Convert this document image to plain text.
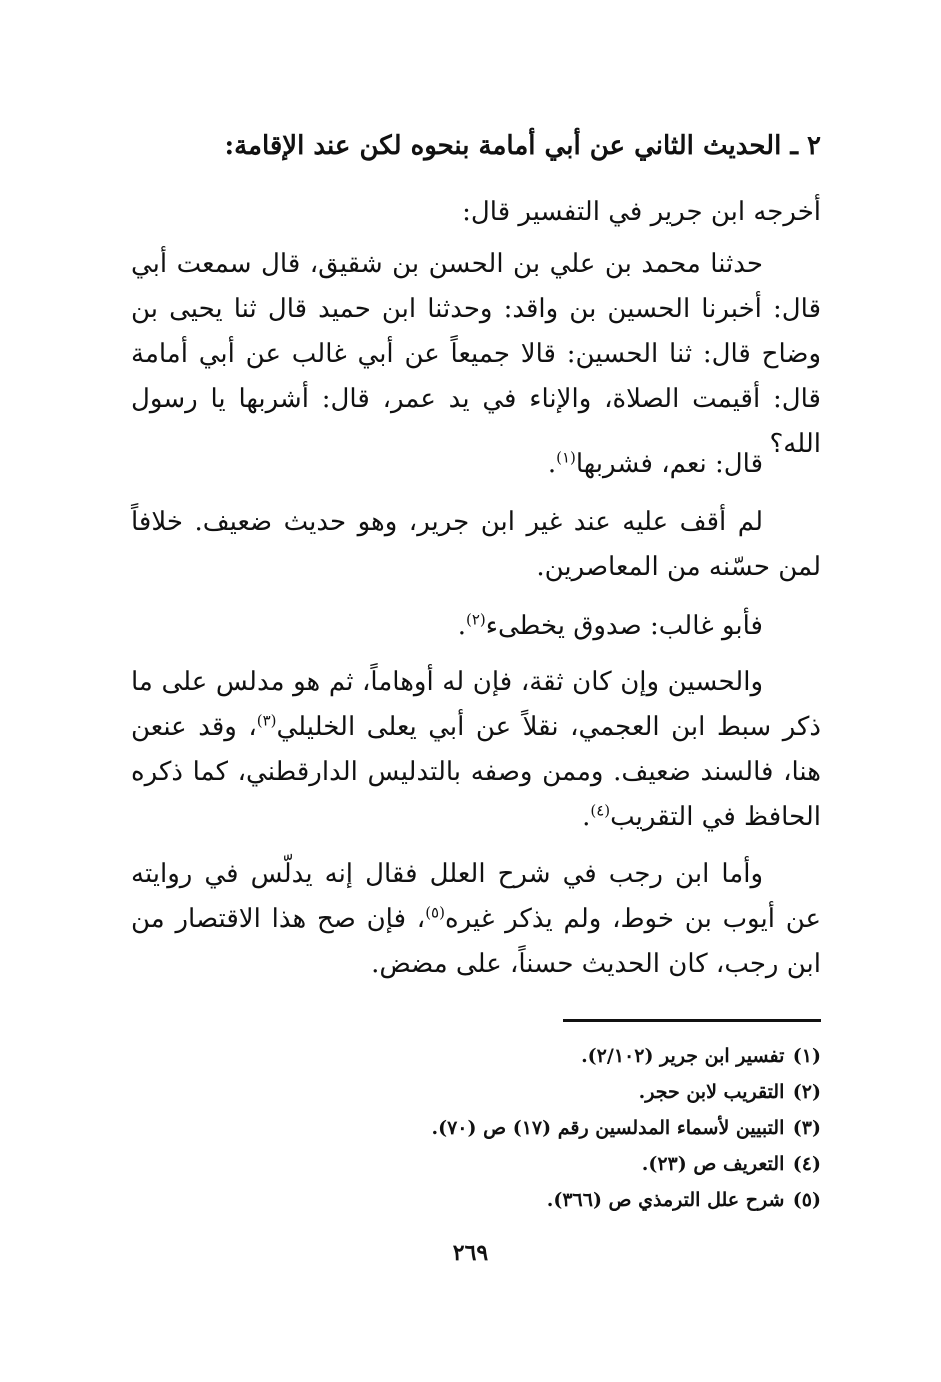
٢ ـ الحديث الثاني عن أبي أمامة بنحوه لكن عند الإقامة:
أخرجه ابن جرير في التفسير قال:
حدثنا محمد بن علي بن الحسن بن شقيق، قال سمعت أبي قال: أخبرنا الحسين بن واقد: وحدثنا ابن حميد قال ثنا يحيى بن وضاح قال: ثنا الحسين: قالا جميعاً عن أبي غالب عن أبي أمامة قال: أقيمت الصلاة، والإناء في يد عمر، قال: أشربها يا رسول الله؟
قال: نعم، فشربها$^{(١)}$.
لم أقف عليه عند غير ابن جرير، وهو حديث ضعيف. خلافاً لمن حسّنه من المعاصرين.
فأبو غالب: صدوق يخطىء$^{(٢)}$.
والحسين وإن كان ثقة، فإن له أوهاماً، ثم هو مدلس على ما ذكر سبط ابن العجمي، نقلاً عن أبي يعلى الخليلي$^{(٣)}$، وقد عنعن هنا، فالسند ضعيف. وممن وصفه بالتدليس الدارقطني، كما ذكره الحافظ في التقريب$^{(٤)}$.
وأما ابن رجب في شرح العلل فقال إنه يدلّس في روايته عن أيوب بن خوط، ولم يذكر غيره$^{(٥)}$، فإن صح هذا الاقتصار من ابن رجب، كان الحديث حسناً، على مضض.
(١) تفسير ابن جرير (٢/١٠٢).
(٢) التقريب لابن حجر.
(٣) التبيين لأسماء المدلسين رقم (١٧) ص (٧٠).
(٤) التعريف ص (٢٣).
(٥) شرح علل الترمذي ص (٣٦٦).
٢٦٩
